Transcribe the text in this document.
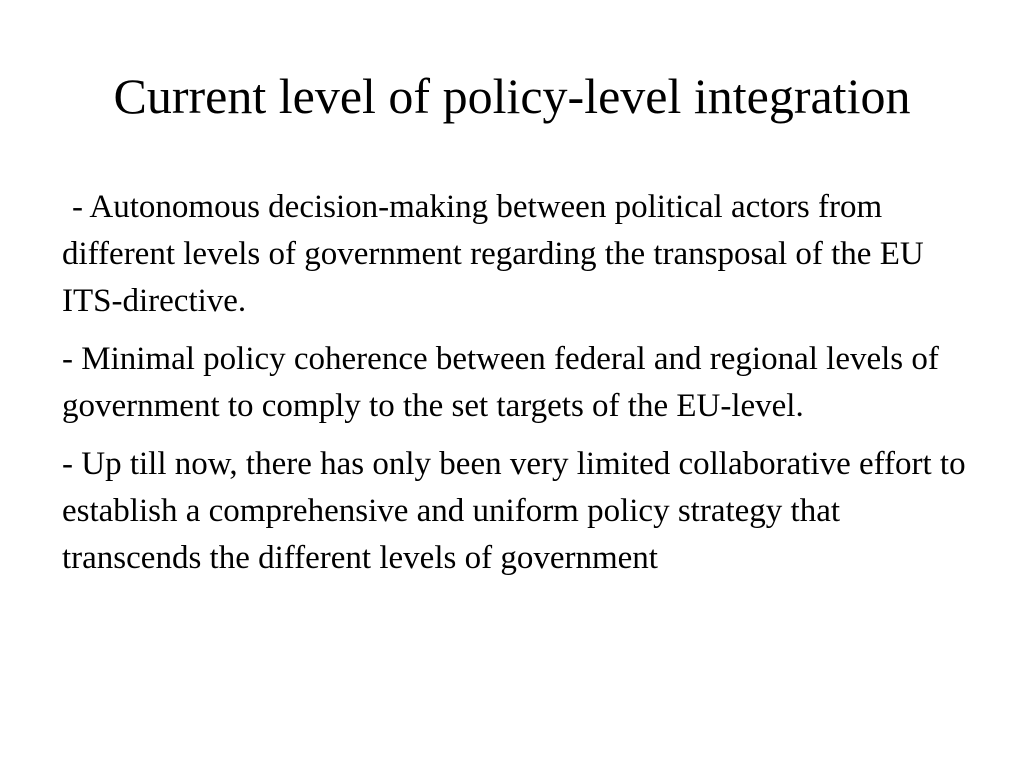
Current level of policy-level integration
- Autonomous decision-making between political actors from different levels of government regarding the transposal of the EU ITS-directive.
- Minimal policy coherence between federal and regional levels of government to comply to the set targets of the EU-level.
- Up till now, there has only been very limited collaborative effort to establish a comprehensive and uniform policy strategy that transcends the different levels of government
